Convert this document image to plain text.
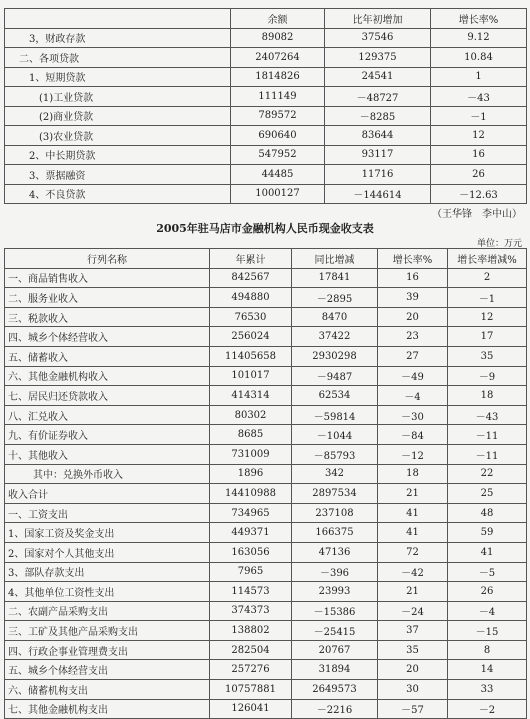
	余额	比年初增加	增长率%
3，财政存款	89082	37546	9.12
二、各项贷款	2407264	129375	10.84
1、短期贷款	1814826	24541	1
(1)工业贷款	111149	－48727	－43
(2)商业贷款	789572	－8285	－1
(3)农业贷款	690640	83644	12
2、中长期贷款	547952	93117	16
3、票据融资	44485	11716	26
4、不良贷款	1000127	－144614	－12.63
（王华锋　李中山）
2005年驻马店市金融机构人民币现金收支表
单位：万元
行列名称	年累计	同比增减	增长率%	增长率增减%
一、商品销售收入	842567	17841	16	2
二、服务业收入	494880	－2895	39	－1
三、税款收入	76530	8470	20	12
四、城乡个体经营收入	256024	37422	23	17
五、储蓄收入	11405658	2930298	27	35
六、其他金融机构收入	101017	－9487	－49	－9
七、居民归还贷款收入	414314	62534	－4	18
八、汇兑收入	80302	－59814	－30	－43
九、有价证券收入	8685	－1044	－84	－11
十、其他收入	731009	－85793	－12	－11
其中：兑换外币收入	1896	342	18	22
收入合计	14410988	2897534	21	25
一、工资支出	734965	237108	41	48
1、国家工资及奖金支出	449371	166375	41	59
2、国家对个人其他支出	163056	47136	72	41
3、部队存款支出	7965	－396	－42	－5
4、其他单位工资性支出	114573	23993	21	26
二、农副产品采购支出	374373	－15386	－24	－4
三、工矿及其他产品采购支出	138802	－25415	37	－15
四、行政企事业管理费支出	282504	20767	35	8
五、城乡个体经营支出	257276	31894	20	14
六、储蓄机构支出	10757881	2649573	30	33
七、其他金融机构支出	126041	－2216	－57	－2
